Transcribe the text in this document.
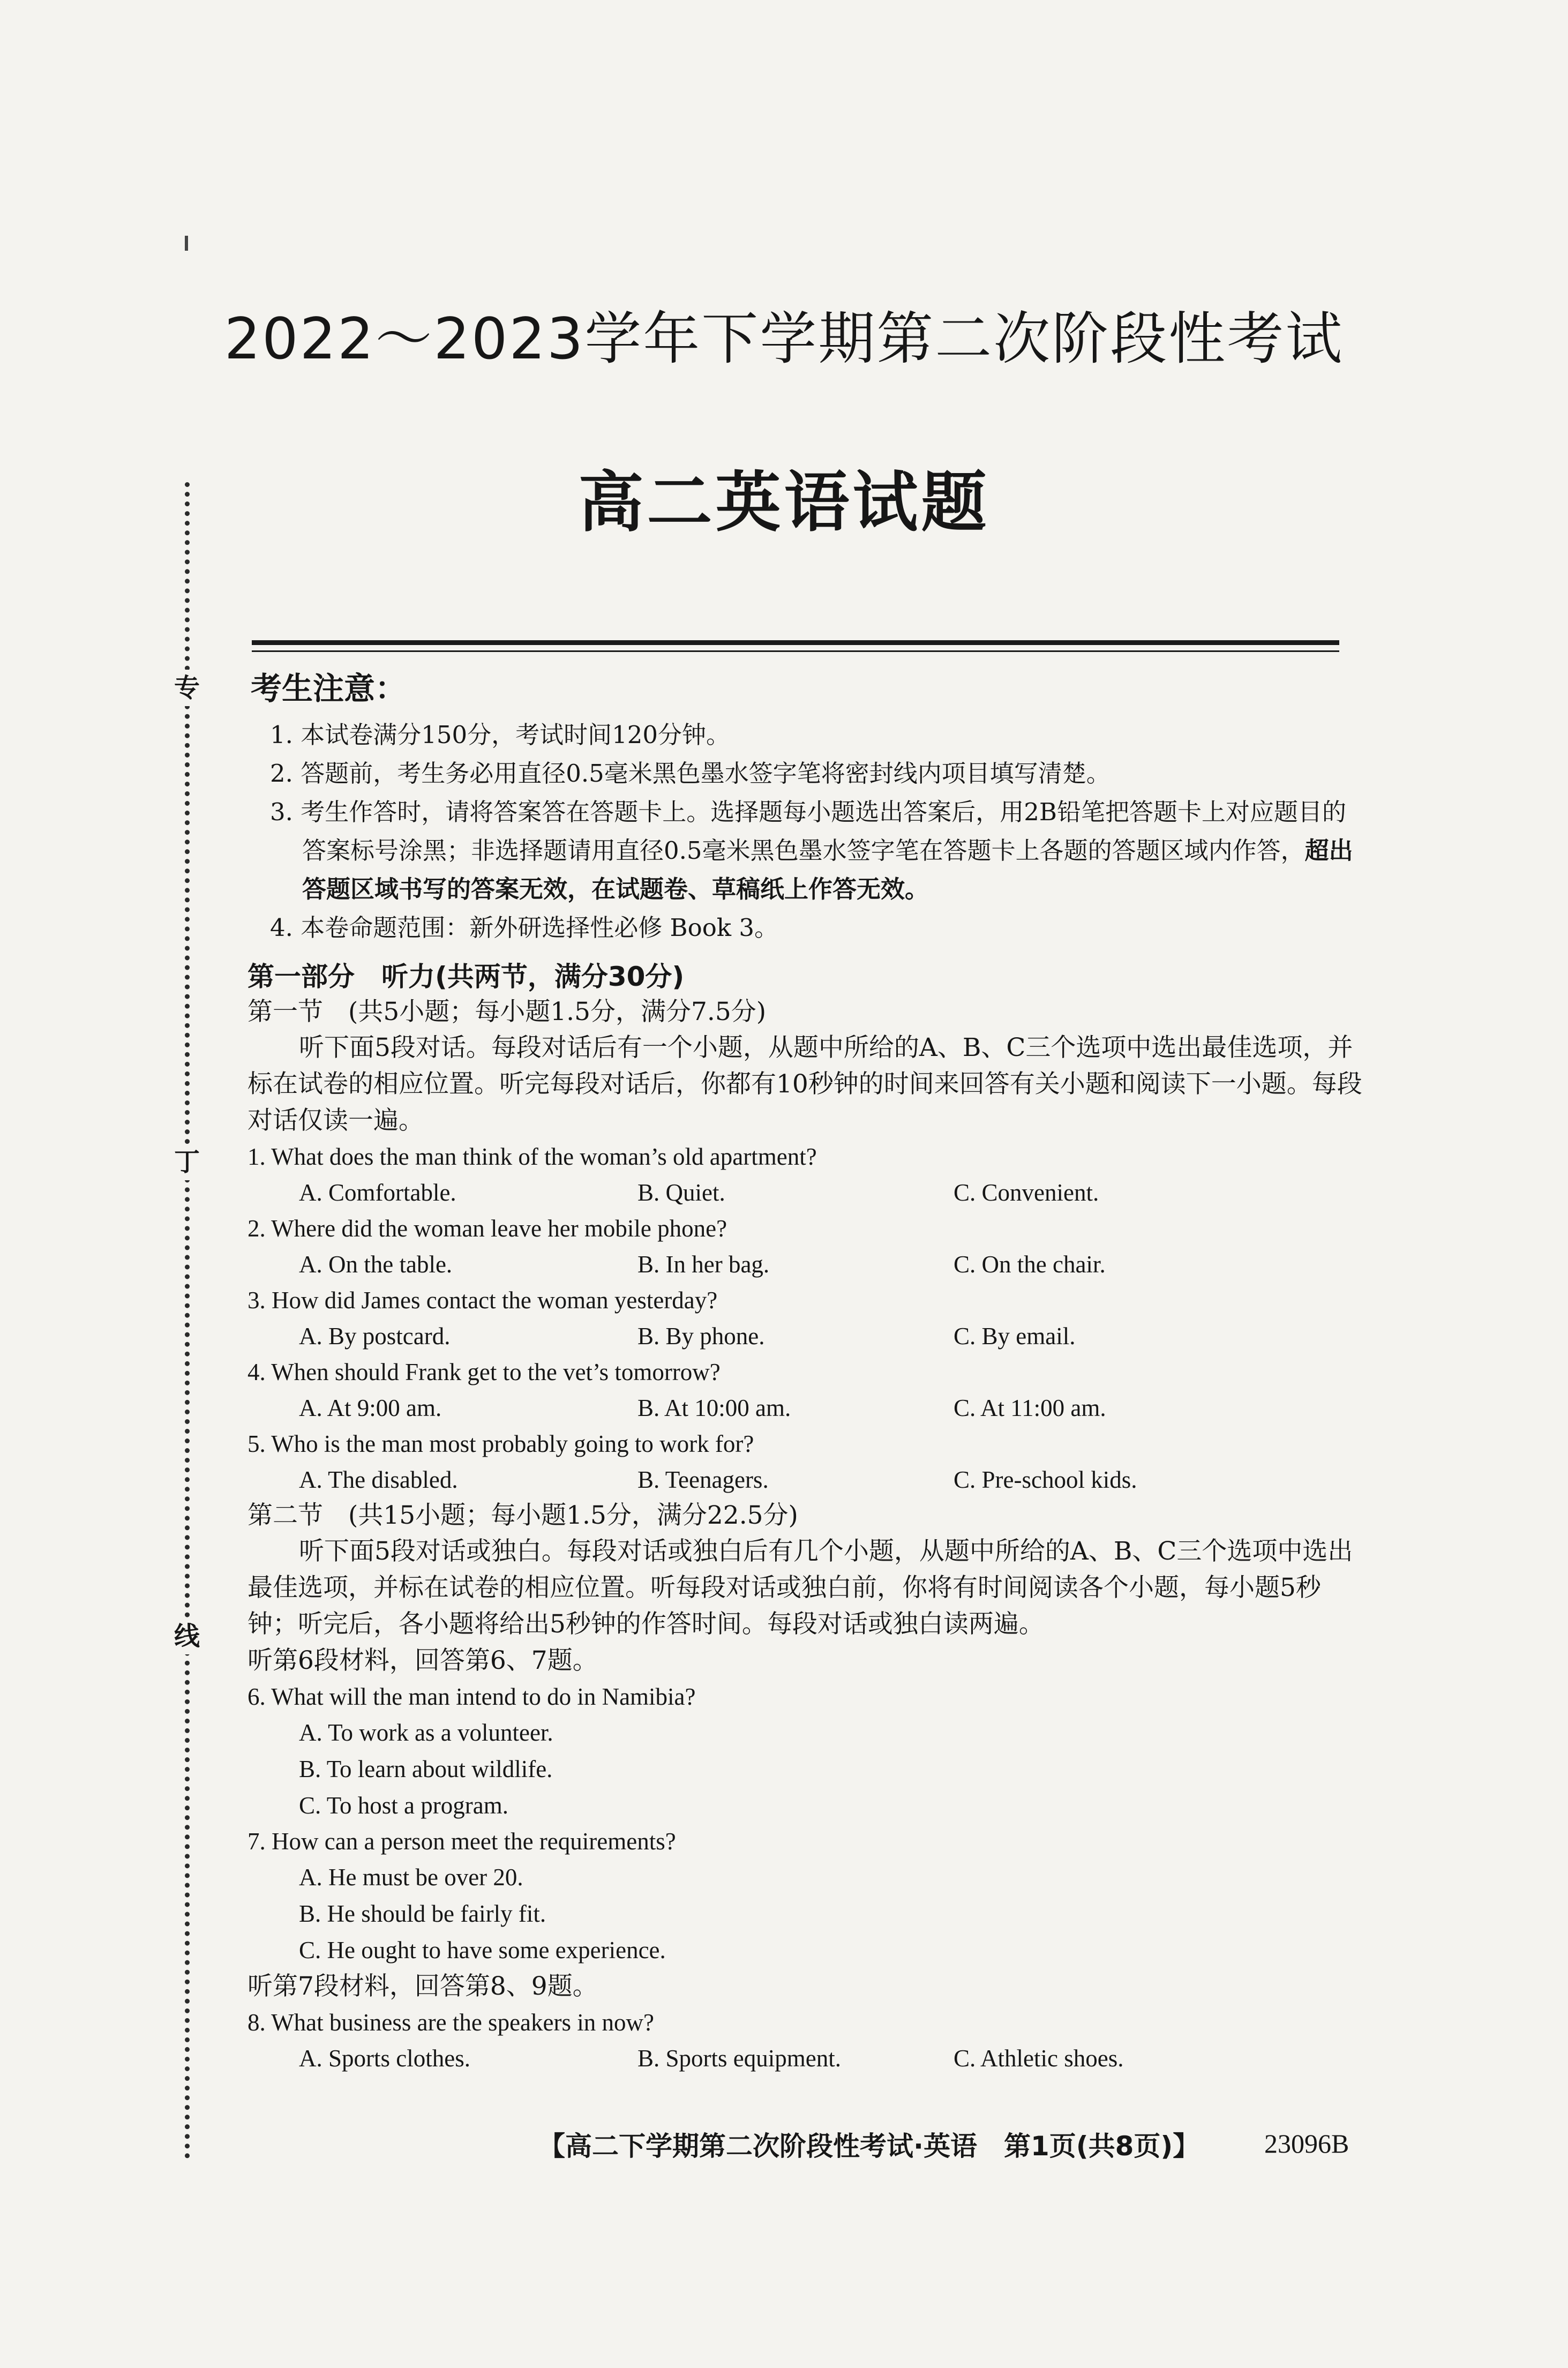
专
丁
线
2022～2023学年下学期第二次阶段性考试
高二英语试题
考生注意：
1. 本试卷满分150分，考试时间120分钟。
2. 答题前，考生务必用直径0.5毫米黑色墨水签字笔将密封线内项目填写清楚。
3. 考生作答时，请将答案答在答题卡上。选择题每小题选出答案后，用2B铅笔把答题卡上对应题目的答案标号涂黑；非选择题请用直径0.5毫米黑色墨水签字笔在答题卡上各题的答题区域内作答，超出答题区域书写的答案无效，在试题卷、草稿纸上作答无效。
4. 本卷命题范围：新外研选择性必修 Book 3。
第一部分　听力(共两节，满分30分)
第一节　(共5小题；每小题1.5分，满分7.5分)
听下面5段对话。每段对话后有一个小题，从题中所给的A、B、C三个选项中选出最佳选项，并标在试卷的相应位置。听完每段对话后，你都有10秒钟的时间来回答有关小题和阅读下一小题。每段对话仅读一遍。
1. What does the man think of the woman’s old apartment?
A. Comfortable.	B. Quiet.	C. Convenient.
2. Where did the woman leave her mobile phone?
A. On the table.	B. In her bag.	C. On the chair.
3. How did James contact the woman yesterday?
A. By postcard.	B. By phone.	C. By email.
4. When should Frank get to the vet’s tomorrow?
A. At 9:00 am.	B. At 10:00 am.	C. At 11:00 am.
5. Who is the man most probably going to work for?
A. The disabled.	B. Teenagers.	C. Pre-school kids.
第二节　(共15小题；每小题1.5分，满分22.5分)
听下面5段对话或独白。每段对话或独白后有几个小题，从题中所给的A、B、C三个选项中选出最佳选项，并标在试卷的相应位置。听每段对话或独白前，你将有时间阅读各个小题，每小题5秒钟；听完后，各小题将给出5秒钟的作答时间。每段对话或独白读两遍。
听第6段材料，回答第6、7题。
6. What will the man intend to do in Namibia?
A. To work as a volunteer.
B. To learn about wildlife.
C. To host a program.
7. How can a person meet the requirements?
A. He must be over 20.
B. He should be fairly fit.
C. He ought to have some experience.
听第7段材料，回答第8、9题。
8. What business are the speakers in now?
A. Sports clothes.	B. Sports equipment.	C. Athletic shoes.
【高二下学期第二次阶段性考试·英语　第1页(共8页)】 23096B
